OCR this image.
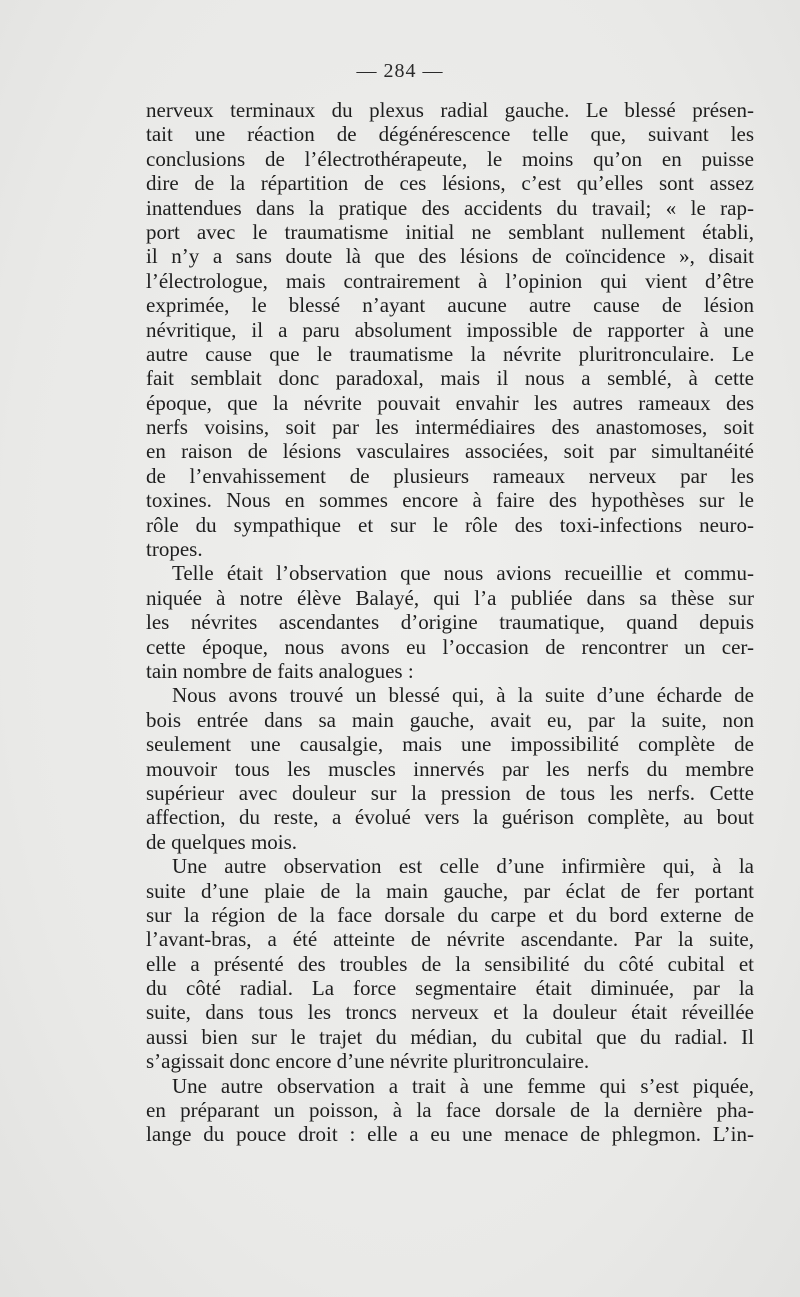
— 284 —
nerveux terminaux du plexus radial gauche. Le blessé présen-
tait une réaction de dégénérescence telle que, suivant les
conclusions de l’électrothérapeute, le moins qu’on en puisse
dire de la répartition de ces lésions, c’est qu’elles sont assez
inattendues dans la pratique des accidents du travail; « le rap-
port avec le traumatisme initial ne semblant nullement établi,
il n’y a sans doute là que des lésions de coïncidence », disait
l’électrologue, mais contrairement à l’opinion qui vient d’être
exprimée, le blessé n’ayant aucune autre cause de lésion
névritique, il a paru absolument impossible de rapporter à une
autre cause que le traumatisme la névrite pluritronculaire. Le
fait semblait donc paradoxal, mais il nous a semblé, à cette
époque, que la névrite pouvait envahir les autres rameaux des
nerfs voisins, soit par les intermédiaires des anastomoses, soit
en raison de lésions vasculaires associées, soit par simultanéité
de l’envahissement de plusieurs rameaux nerveux par les
toxines. Nous en sommes encore à faire des hypothèses sur le
rôle du sympathique et sur le rôle des toxi-infections neuro-
tropes.
Telle était l’observation que nous avions recueillie et commu-
niquée à notre élève Balayé, qui l’a publiée dans sa thèse sur
les névrites ascendantes d’origine traumatique, quand depuis
cette époque, nous avons eu l’occasion de rencontrer un cer-
tain nombre de faits analogues :
Nous avons trouvé un blessé qui, à la suite d’une écharde de
bois entrée dans sa main gauche, avait eu, par la suite, non
seulement une causalgie, mais une impossibilité complète de
mouvoir tous les muscles innervés par les nerfs du membre
supérieur avec douleur sur la pression de tous les nerfs. Cette
affection, du reste, a évolué vers la guérison complète, au bout
de quelques mois.
Une autre observation est celle d’une infirmière qui, à la
suite d’une plaie de la main gauche, par éclat de fer portant
sur la région de la face dorsale du carpe et du bord externe de
l’avant-bras, a été atteinte de névrite ascendante. Par la suite,
elle a présenté des troubles de la sensibilité du côté cubital et
du côté radial. La force segmentaire était diminuée, par la
suite, dans tous les troncs nerveux et la douleur était réveillée
aussi bien sur le trajet du médian, du cubital que du radial. Il
s’agissait donc encore d’une névrite pluritronculaire.
Une autre observation a trait à une femme qui s’est piquée,
en préparant un poisson, à la face dorsale de la dernière pha-
lange du pouce droit : elle a eu une menace de phlegmon. L’in-
